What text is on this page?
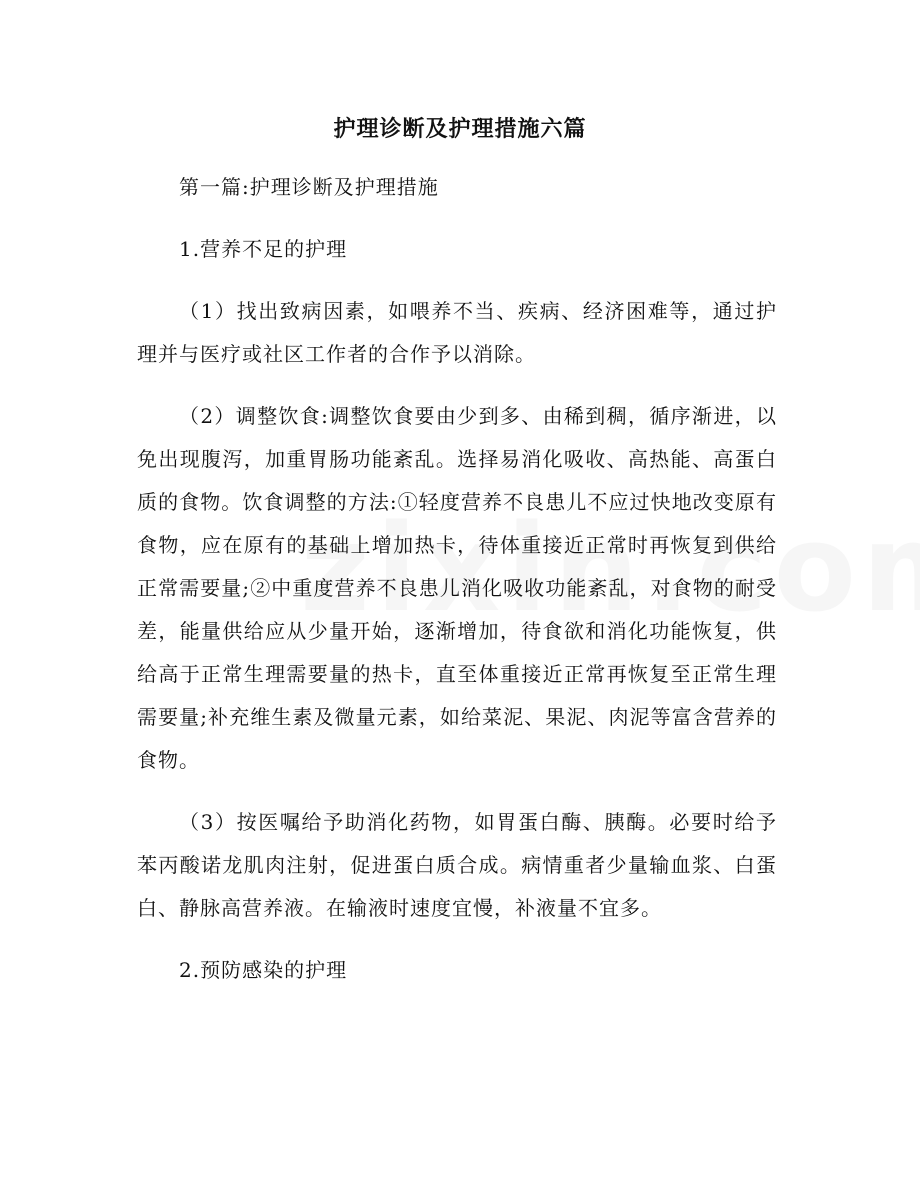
护理诊断及护理措施六篇

第一篇:护理诊断及护理措施

1.营养不足的护理

（1）找出致病因素，如喂养不当、疾病、经济困难等，通过护理并与医疗或社区工作者的合作予以消除。

（2）调整饮食:调整饮食要由少到多、由稀到稠，循序渐进，以免出现腹泻，加重胃肠功能紊乱。选择易消化吸收、高热能、高蛋白质的食物。饮食调整的方法:①轻度营养不良患儿不应过快地改变原有食物，应在原有的基础上增加热卡，待体重接近正常时再恢复到供给正常需要量;②中重度营养不良患儿消化吸收功能紊乱，对食物的耐受差，能量供给应从少量开始，逐渐增加，待食欲和消化功能恢复，供给高于正常生理需要量的热卡，直至体重接近正常再恢复至正常生理需要量;补充维生素及微量元素，如给菜泥、果泥、肉泥等富含营养的食物。

（3）按医嘱给予助消化药物，如胃蛋白酶、胰酶。必要时给予苯丙酸诺龙肌肉注射，促进蛋白质合成。病情重者少量输血浆、白蛋白、静脉高营养液。在输液时速度宜慢，补液量不宜多。

2.预防感染的护理
